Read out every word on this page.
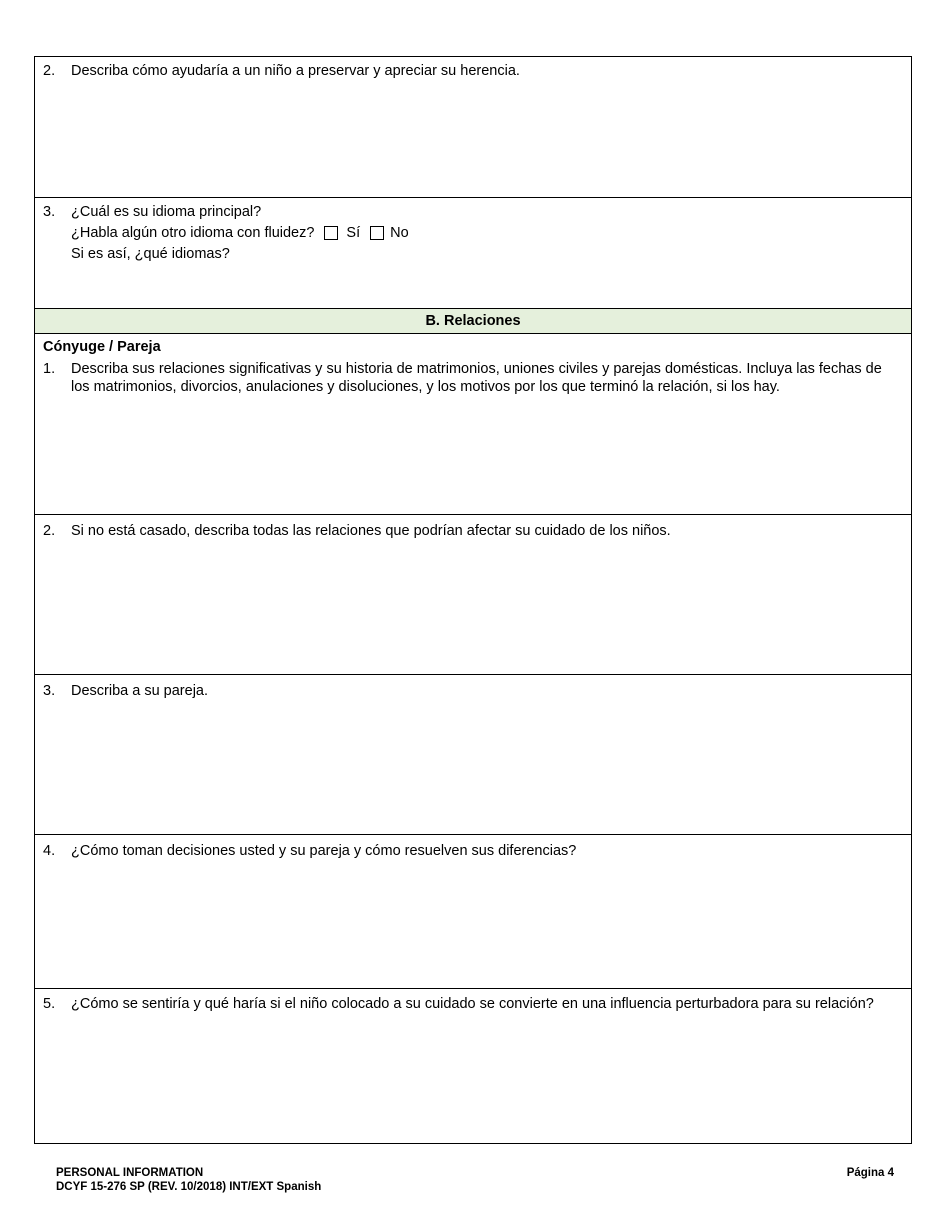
2.	Describa cómo ayudaría a un niño a preservar y apreciar su herencia.
3.	¿Cuál es su idioma principal?
¿Habla algún otro idioma con fluidez? Sí No
Si es así, ¿qué idiomas?
B. Relaciones
Cónyuge / Pareja
1.	Describa sus relaciones significativas y su historia de matrimonios, uniones civiles y parejas domésticas. Incluya las fechas de los matrimonios, divorcios, anulaciones y disoluciones, y los motivos por los que terminó la relación, si los hay.
2.	Si no está casado, describa todas las relaciones que podrían afectar su cuidado de los niños.
3.	Describa a su pareja.
4.	¿Cómo toman decisiones usted y su pareja y cómo resuelven sus diferencias?
5.	¿Cómo se sentiría y qué haría si el niño colocado a su cuidado se convierte en una influencia perturbadora para su relación?
PERSONAL INFORMATION
DCYF 15-276 SP (REV. 10/2018) INT/EXT Spanish
Página 4
